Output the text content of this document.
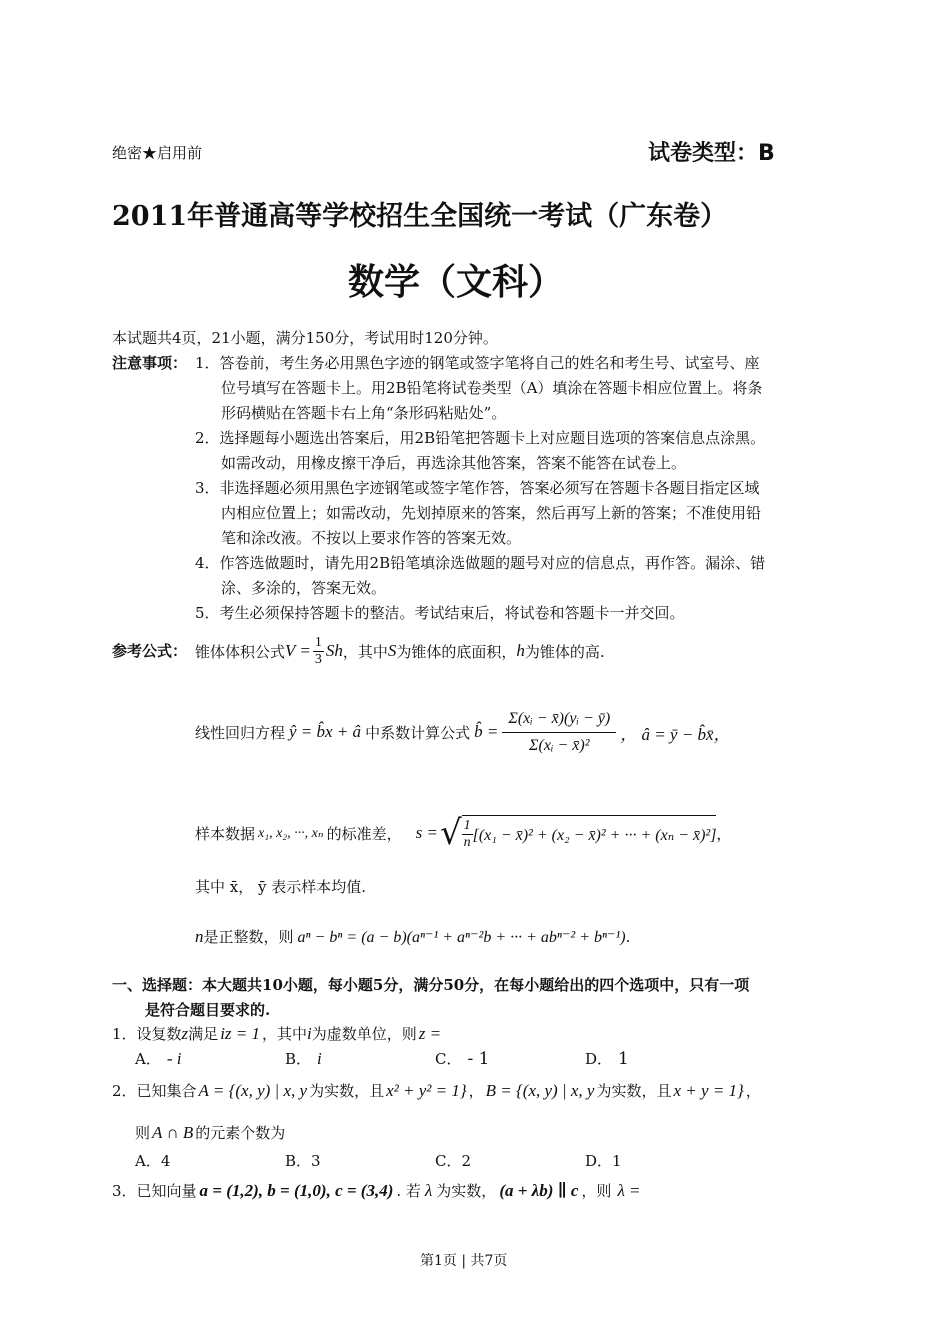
绝密★启用前	试卷类型：B
2011年普通高等学校招生全国统一考试（广东卷）
数学（文科）
本试题共4页，21小题，满分150分，考试用时120分钟。
注意事项： 1．答卷前，考生务必用黑色字迹的钢笔或签字笔将自己的姓名和考生号、试室号、座
位号填写在答题卡上。用2B铅笔将试卷类型（A）填涂在答题卡相应位置上。将条
形码横贴在答题卡右上角“条形码粘贴处”。
2．选择题每小题选出答案后，用2B铅笔把答题卡上对应题目选项的答案信息点涂黑。
如需改动，用橡皮擦干净后，再选涂其他答案，答案不能答在试卷上。
3．非选择题必须用黑色字迹钢笔或签字笔作答，答案必须写在答题卡各题目指定区域
内相应位置上；如需改动，先划掉原来的答案，然后再写上新的答案；不准使用铅
笔和涂改液。不按以上要求作答的答案无效。
4．作答选做题时，请先用2B铅笔填涂选做题的题号对应的信息点，再作答。漏涂、错
涂、多涂的，答案无效。
5．考生必须保持答题卡的整洁。考试结束后，将试卷和答题卡一并交回。
参考公式： 锥体体积公式 $V = \frac{1}{3}$ Sh ，其中 S 为锥体的底面积， h 为锥体的高.
线性回归方程 ŷ = b̂x + â 中系数计算公式 b̂ = $\frac{\text{Σ(xᵢ − x̄)(yᵢ − ȳ)}}{\text{Σ(xᵢ − x̄)²}}$ ， â = ȳ − b̂x̄，
样本数据 x₁, x₂, ···, xₙ 的标准差， s = √ $\frac{1}{n} [(x_1$ − x̄)² + (x₂ − x̄)² + ··· + (xₙ − x̄)²] ，
其中 x̄， ȳ 表示样本均值.
n 是正整数，则 aⁿ − bⁿ = (a − b)(aⁿ⁻¹ + aⁿ⁻²b + ··· + abⁿ⁻² + bⁿ⁻¹) .
一、选择题：本大题共10小题，每小题5分，满分50分，在每小题给出的四个选项中，只有一项
是符合题目要求的.
1．设复数 z 满足 iz = 1 ，其中 i 为虚数单位，则 z =
A． - i	B． i	C． - 1	D． 1
2．已知集合 A = {(x, y) | x, y 为实数，且 x² + y² = 1} ， B = {(x, y) | x, y 为实数，且 x + y = 1} ，
则 A ∩ B 的元素个数为
A．4	B．3	C．2	D．1
3．已知向量 a = (1,2), b = (1,0), c = (3,4) . 若 λ 为实数， (a + λb) ∥ c ，则 λ =
第1页 | 共7页
